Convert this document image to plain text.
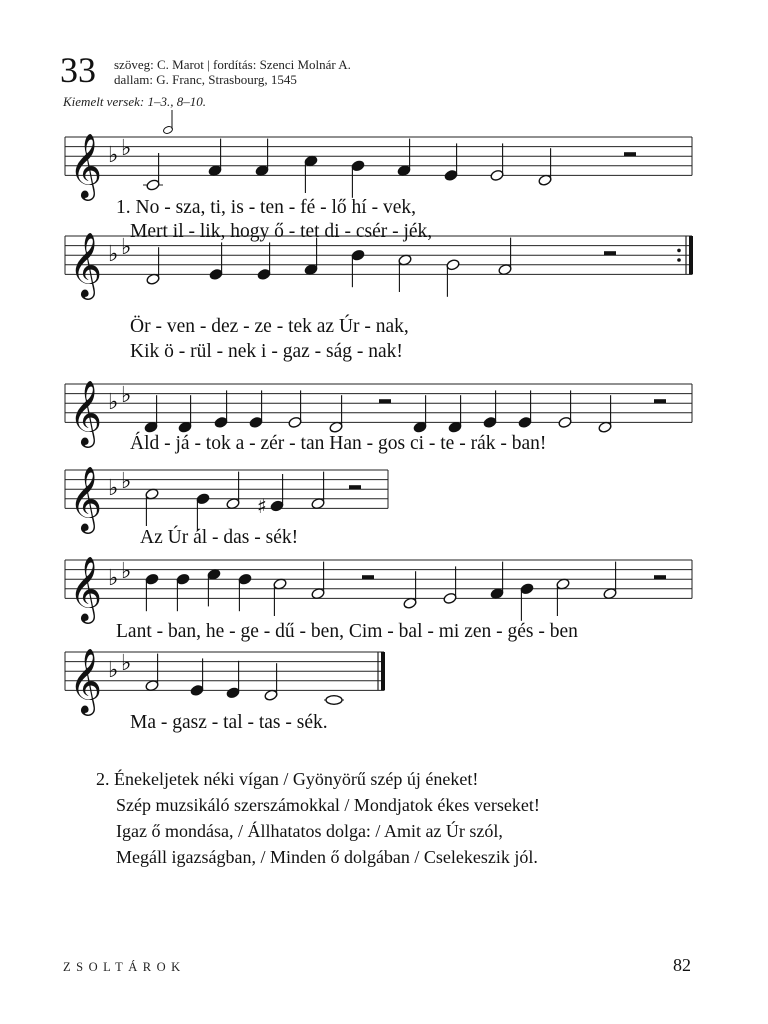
33 szöveg: C. Marot | fordítás: Szenci Molnár A.
dallam: G. Franc, Strasbourg, 1545
Kiemelt versek: 1–3., 8–10.
𝄞 ♭ ♭
𝄞 ♭ ♭
𝄞 ♭ ♭
𝄞 ♭ ♭
♯
𝄞 ♭ ♭
𝄞 ♭ ♭
1. No - sza, ti, is - ten - fé - lő hí - vek,
Mert il - lik, hogy ő - tet di - csér - jék,
Ör - ven - dez - ze - tek az Úr - nak,
Kik ö - rül - nek i - gaz - ság - nak!
Áld - já - tok a - zér - tan Han - gos ci - te - rák - ban!
Az Úr ál - das - sék!
Lant - ban, he - ge - dű - ben, Cim - bal - mi zen - gés - ben
Ma - gasz - tal - tas - sék.
2. Énekeljetek néki vígan / Gyönyörű szép új éneket!
Szép muzsikáló szerszámokkal / Mondjatok ékes verseket!
Igaz ő mondása, / Állhatatos dolga: / Amit az Úr szól,
Megáll igazságban, / Minden ő dolgában / Cselekeszik jól.
ZSOLTÁROK	82
